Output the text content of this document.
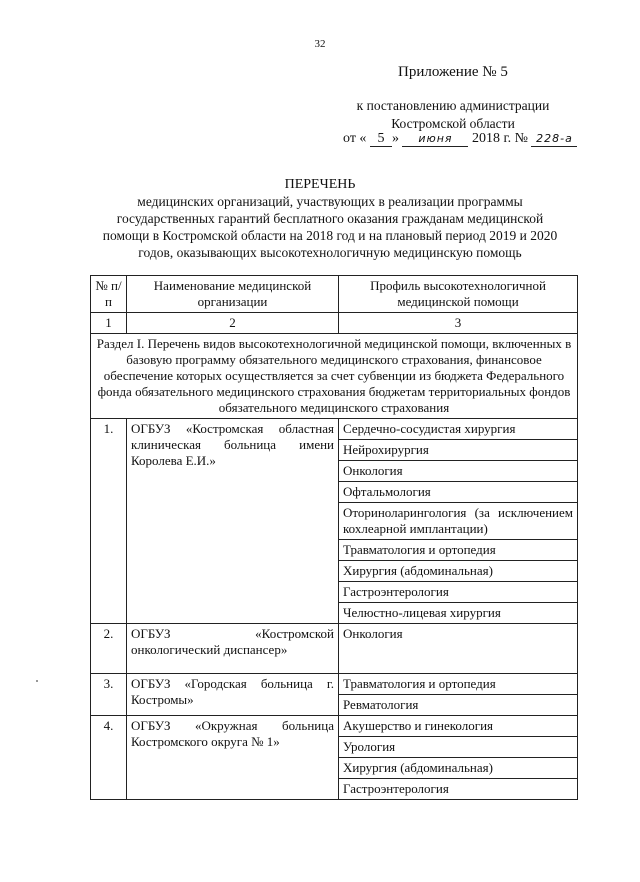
32
Приложение № 5
к постановлению администрации
Костромской области
от « 5 » июня 2018 г. № 228-а
ПЕРЕЧЕНЬ
медицинских организаций, участвующих в реализации программы государственных гарантий бесплатного оказания гражданам медицинской помощи в Костромской области на 2018 год и на плановый период 2019 и 2020 годов, оказывающих высокотехнологичную медицинскую помощь
№ п/п	Наименование медицинской организации	Профиль высокотехнологичной медицинской помощи
1	2	3
Раздел I. Перечень видов высокотехнологичной медицинской помощи, включенных в базовую программу обязательного медицинского страхования, финансовое обеспечение которых осуществляется за счет субвенции из бюджета Федерального фонда обязательного медицинского страхования бюджетам территориальных фондов обязательного медицинского страхования		
1.	ОГБУЗ «Костромская областная клиническая больница имени Королева Е.И.»	Сердечно-сосудистая хирургия
		Нейрохирургия
		Онкология
		Офтальмология
		Оториноларингология (за исключением кохлеарной имплантации)
		Травматология и ортопедия
		Хирургия (абдоминальная)
		Гастроэнтерология
		Челюстно-лицевая хирургия
2.	ОГБУЗ «Костромской онкологический диспансер»	Онкология
3.	ОГБУЗ «Городская больница г. Костромы»	Травматология и ортопедия
		Ревматология
4.	ОГБУЗ «Окружная больница Костромского округа № 1»	Акушерство и гинекология
		Урология
		Хирургия (абдоминальная)
		Гастроэнтерология
